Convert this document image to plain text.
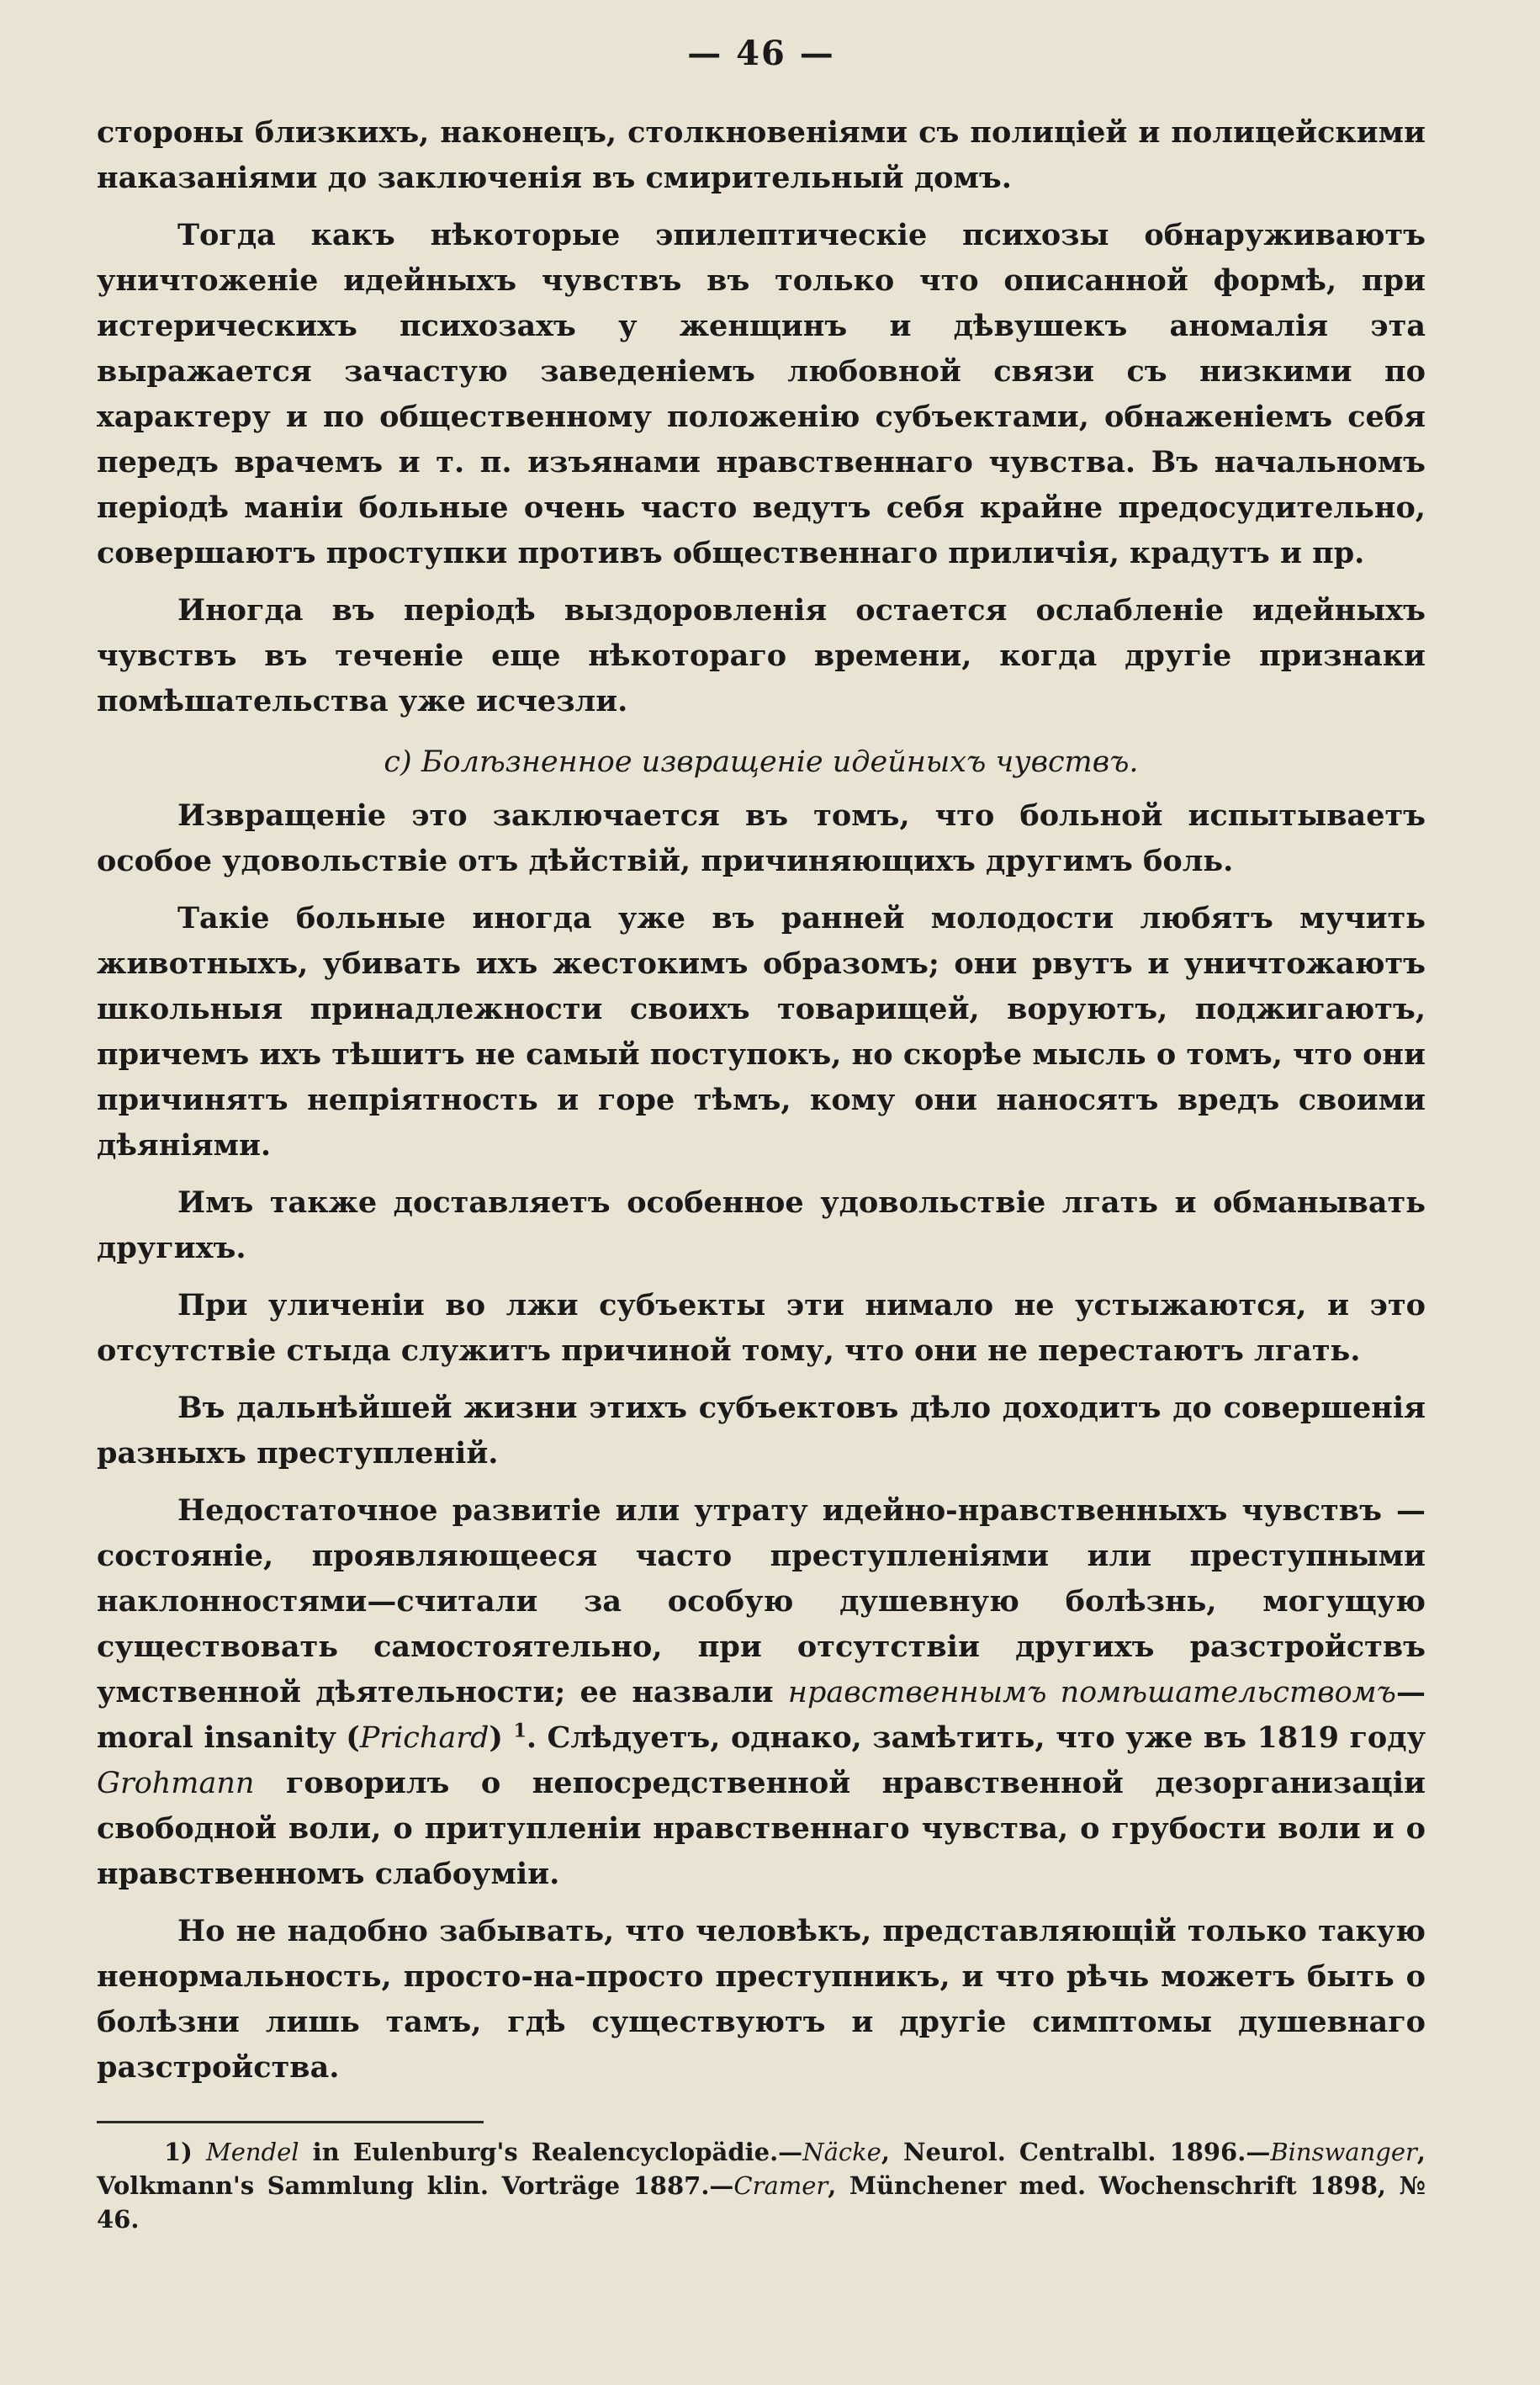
— 46 —

стороны близкихъ, наконецъ, столкновеніями съ полиціей и полицейскими наказаніями до заключенія въ смирительный домъ.

Тогда какъ нѣкоторые эпилептическіе психозы обнаруживаютъ уничтоженіе идейныхъ чувствъ въ только что описанной формѣ, при истерическихъ психозахъ у женщинъ и дѣвушекъ аномалія эта выражается зачастую заведеніемъ любовной связи съ низкими по характеру и по общественному положенію субъектами, обнаженіемъ себя передъ врачемъ и т. п. изъянами нравственнаго чувства. Въ начальномъ періодѣ маніи больные очень часто ведутъ себя крайне предосудительно, совершаютъ проступки противъ общественнаго приличія, крадутъ и пр.

Иногда въ періодѣ выздоровленія остается ослабленіе идейныхъ чувствъ въ теченіе еще нѣкотораго времени, когда другіе признаки помѣшательства уже исчезли.

c) Болѣзненное извращеніе идейныхъ чувствъ.

Извращеніе это заключается въ томъ, что больной испытываетъ особое удовольствіе отъ дѣйствій, причиняющихъ другимъ боль.

Такіе больные иногда уже въ ранней молодости любятъ мучить животныхъ, убивать ихъ жестокимъ образомъ; они рвутъ и уничтожаютъ школьныя принадлежности своихъ товарищей, воруютъ, поджигаютъ, причемъ ихъ тѣшитъ не самый поступокъ, но скорѣе мысль о томъ, что они причинятъ непріятность и горе тѣмъ, кому они наносятъ вредъ своими дѣяніями.

Имъ также доставляетъ особенное удовольствіе лгать и обманывать другихъ.

При уличеніи во лжи субъекты эти нимало не устыжаются, и это отсутствіе стыда служитъ причиной тому, что они не перестаютъ лгать.

Въ дальнѣйшей жизни этихъ субъектовъ дѣло доходитъ до совершенія разныхъ преступленій.

Недостаточное развитіе или утрату идейно-нравственныхъ чувствъ — состояніе, проявляющееся часто преступленіями или преступными наклонностями—считали за особую душевную болѣзнь, могущую существовать самостоятельно, при отсутствіи другихъ разстройствъ умственной дѣятельности; ее назвали нравственнымъ помѣшательствомъ—moral insanity (Prichard) $^1$. Слѣдуетъ, однако, замѣтить, что уже въ 1819 году Grohmann говорилъ о непосредственной нравственной дезорганизаціи свободной воли, о притупленіи нравственнаго чувства, о грубости воли и о нравственномъ слабоуміи.

Но не надобно забывать, что человѣкъ, представляющій только такую ненормальность, просто-на-просто преступникъ, и что рѣчь можетъ быть о болѣзни лишь тамъ, гдѣ существуютъ и другіе симптомы душевнаго разстройства.

1) Mendel in Eulenburg's Realencyclopädie.—Näcke, Neurol. Centralbl. 1896.—Binswanger, Volkmann's Sammlung klin. Vorträge 1887.—Cramer, Münchener med. Wochenschrift 1898, № 46.
